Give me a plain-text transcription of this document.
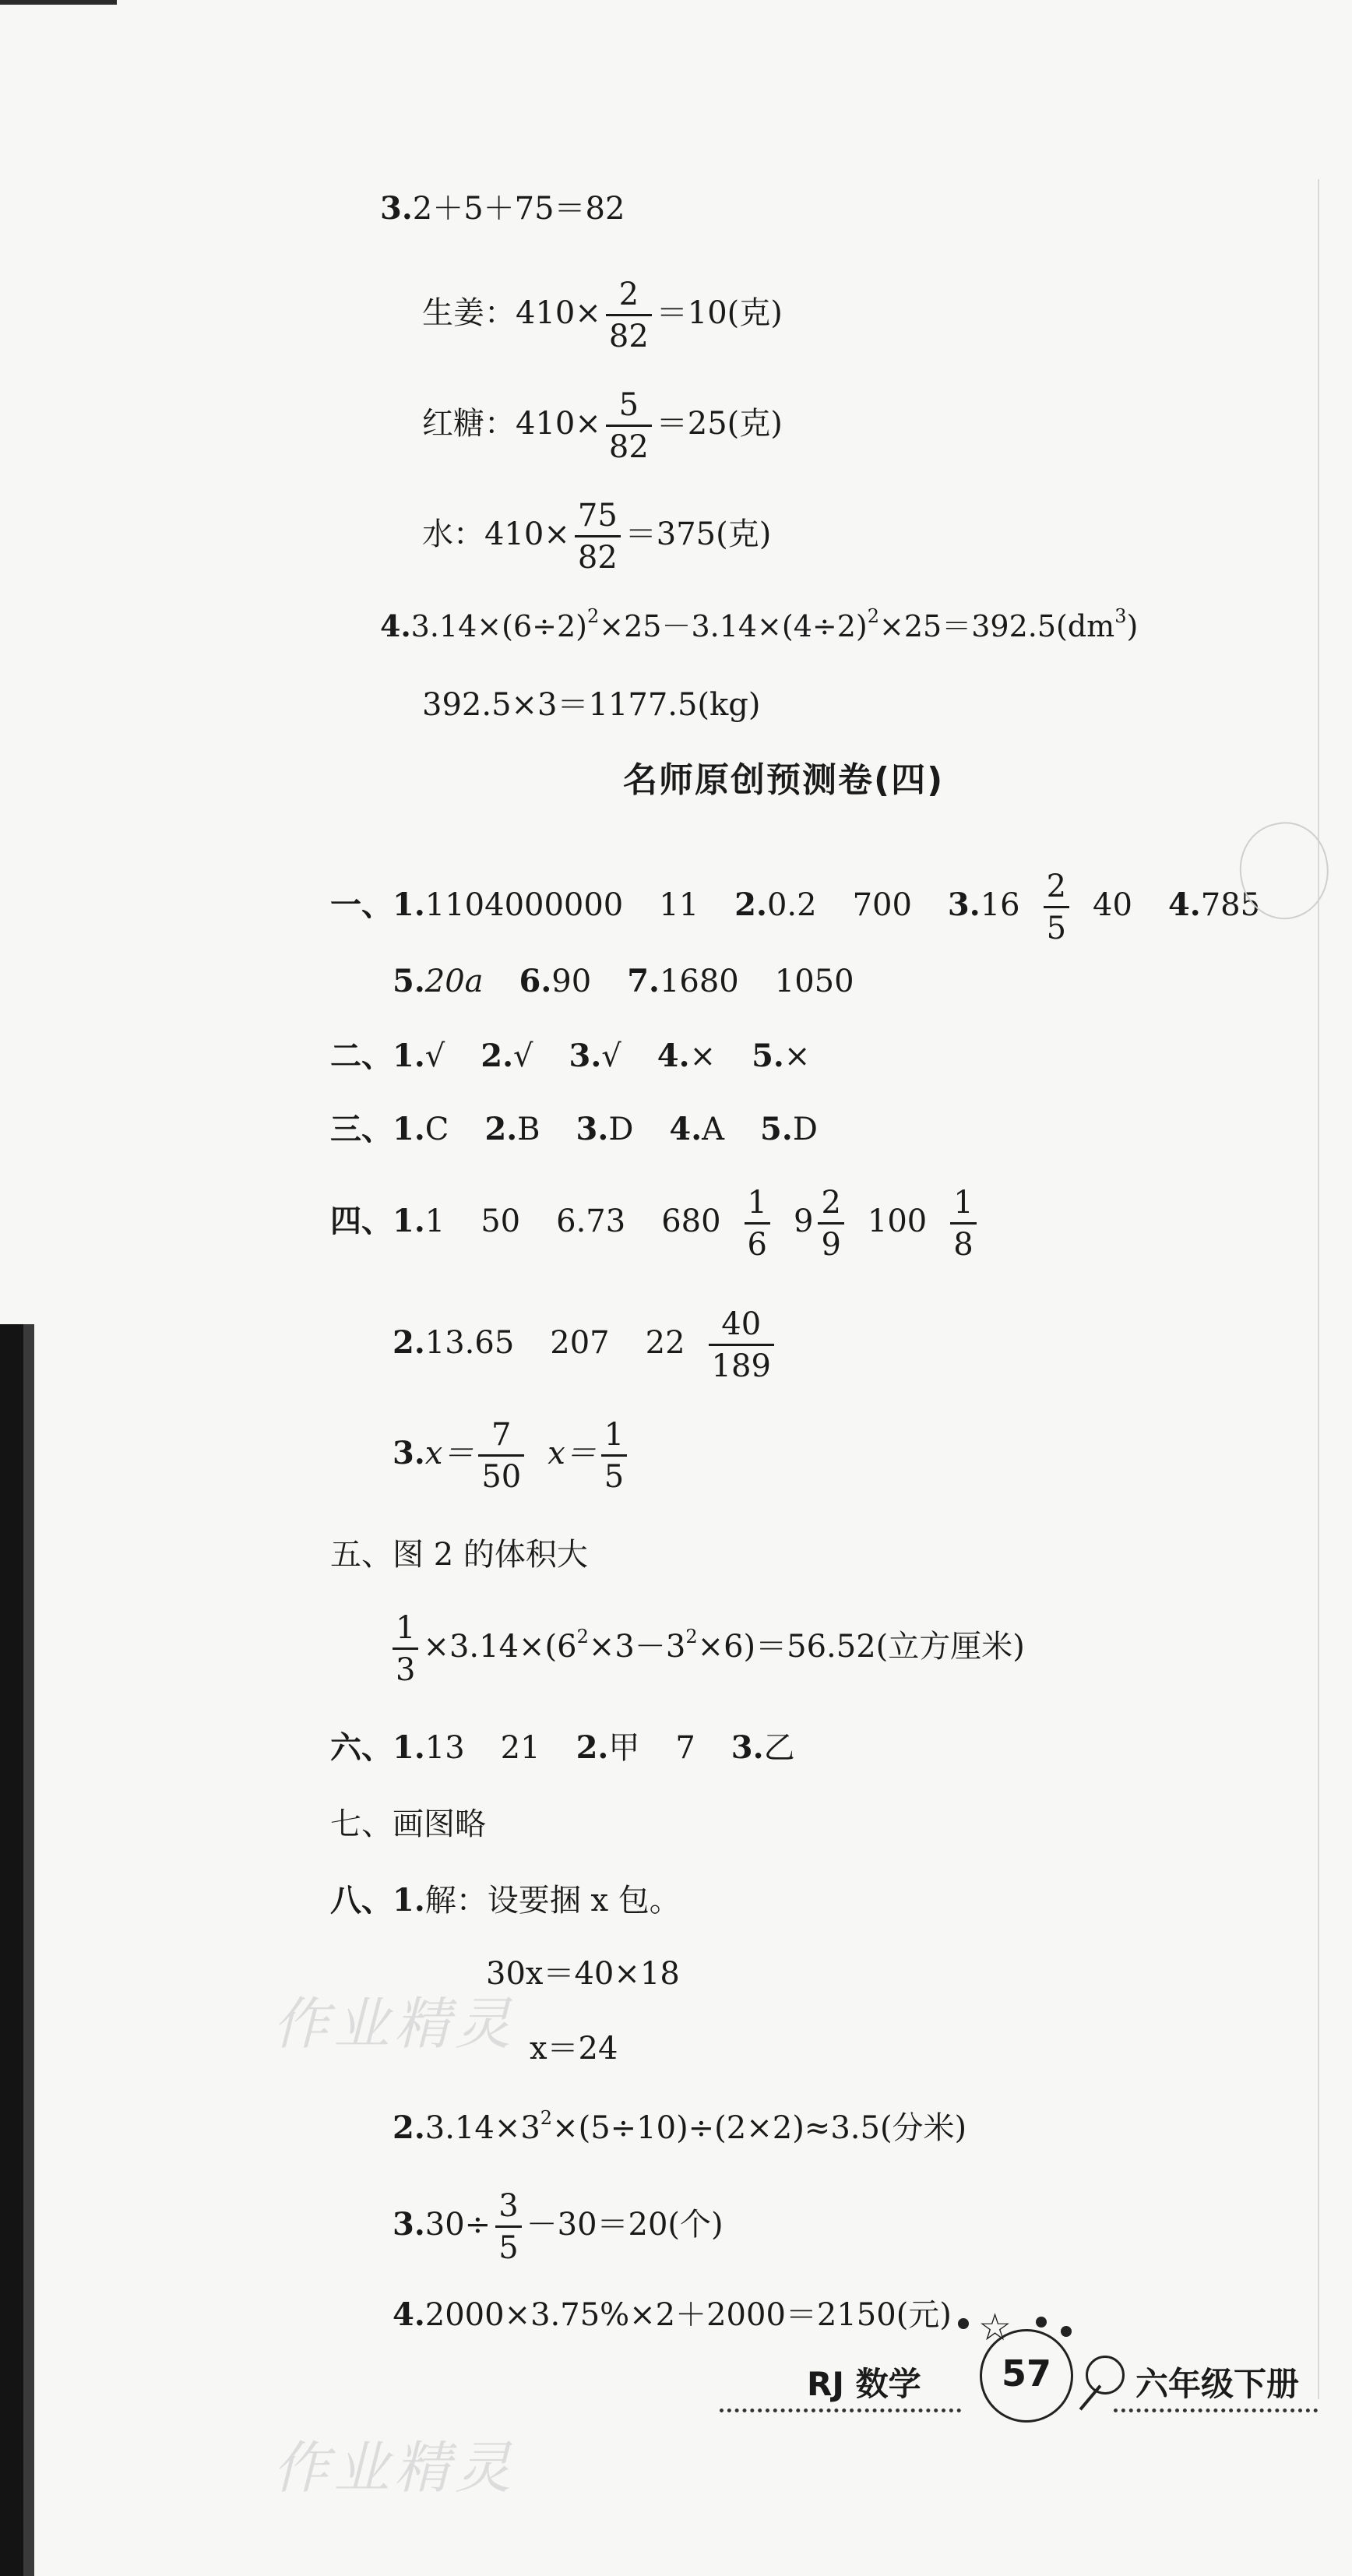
3.2＋5＋75＝82
生姜：$410\times \frac{2}{82} =10$(克)
红糖：$410\times \frac{5}{82} =25$(克)
水：$410\times \frac{75}{82} =375$(克)
$4.3.14\times(6\div 2)^2\times 25-3.14\times(4\div 2)^2\times 25=392.5(dm^3)$
392.5×3＝1177.5(kg)
名师原创预测卷(四)
一、1.1104000000 11 2.0.2 700 $3.16 \frac{2}{5} 40$ 4.785
5.20a 6.90 7.1680 1050
二、1.√ 2.√ 3.√ 4.× 5.×
三、1.C 2.B 3.D 4.A 5.D
四、1.1 50 6.73 $680 \frac{1}{6} 9 \frac{2}{9} 100 \frac{1}{8}$
2.13.65 207 $22 \frac{40}{189}$
$3.x= \frac{7}{50} x= \frac{1}{5}$
五、图 2 的体积大
$\frac{1}{3} \times 3.14\times(6^2\times 3-3^2\times 6)=56.52$(立方厘米)
六、1.13 21 2.甲 7 3.乙
七、画图略
八、1.解：设要捆 x 包。
30x＝40×18
x＝24
$2.3.14\times 3^2\times(5\div 10)\div(2\times 2)\approx 3.5$(分米)
$3.30\div \frac{3}{5} -30=20$(个)
4.2000×3.75%×2＋2000＝2150(元)
作业精灵
作业精灵
RJ 数学
☆
57	六年级下册
